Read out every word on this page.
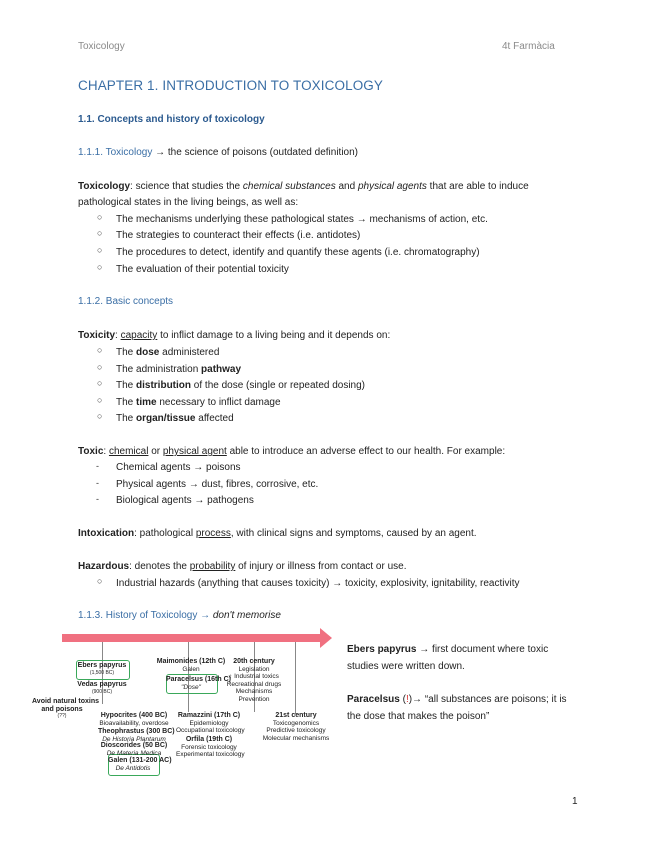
Toxicology	4t Farmàcia
CHAPTER 1. INTRODUCTION TO TOXICOLOGY
1.1. Concepts and history of toxicology
1.1.1. Toxicology → the science of poisons (outdated definition)
Toxicology: science that studies the chemical substances and physical agents that are able to induce
pathological states in the living beings, as well as:
○ The mechanisms underlying these pathological states → mechanisms of action, etc.
○ The strategies to counteract their effects (i.e. antidotes)
○ The procedures to detect, identify and quantify these agents (i.e. chromatography)
○ The evaluation of their potential toxicity
1.1.2. Basic concepts
Toxicity: capacity to inflict damage to a living being and it depends on:
○ The dose administered
○ The administration pathway
○ The distribution of the dose (single or repeated dosing)
○ The time necessary to inflict damage
○ The organ/tissue affected
Toxic: chemical or physical agent able to introduce an adverse effect to our health. For example:
- Chemical agents → poisons
- Physical agents → dust, fibres, corrosive, etc.
- Biological agents → pathogens
Intoxication: pathological process, with clinical signs and symptoms, caused by an agent.
Hazardous: denotes the probability of injury or illness from contact or use.
○ Industrial hazards (anything that causes toxicity) → toxicity, explosivity, ignitability, reactivity
1.1.3. History of Toxicology → don't memorise
Avoid natural toxins
and poisons
(??)
Ebers papyrus
(1,500 BC)
Vedas papyrus
(900 BC)
Hypocrites (400 BC)
Bioavailability, overdose
Theophrastus (300 BC)
De Historia Plantarum
Dioscorides (50 BC)
De Materia Medica
Galen (131-200 AC)
De Antidotis
Maimonides (12th C)
Galen
Paracelsus (16th C)
"Dose"
Ramazzini (17th C)
Epidemiology
Occupational toxicology
Orfila (19th C)
Forensic toxicology
Experimental toxicology
20th century
Legislation
↑ Industrial toxics
Recreational drugs
Mechanisms
Prevention
21st century
Toxicogenomics
Predictive toxicology
Molecular mechanisms
Ebers papyrus → first document where toxic
studies were written down.
Paracelsus (!)→ “all substances are poisons; it is
the dose that makes the poison”
1
